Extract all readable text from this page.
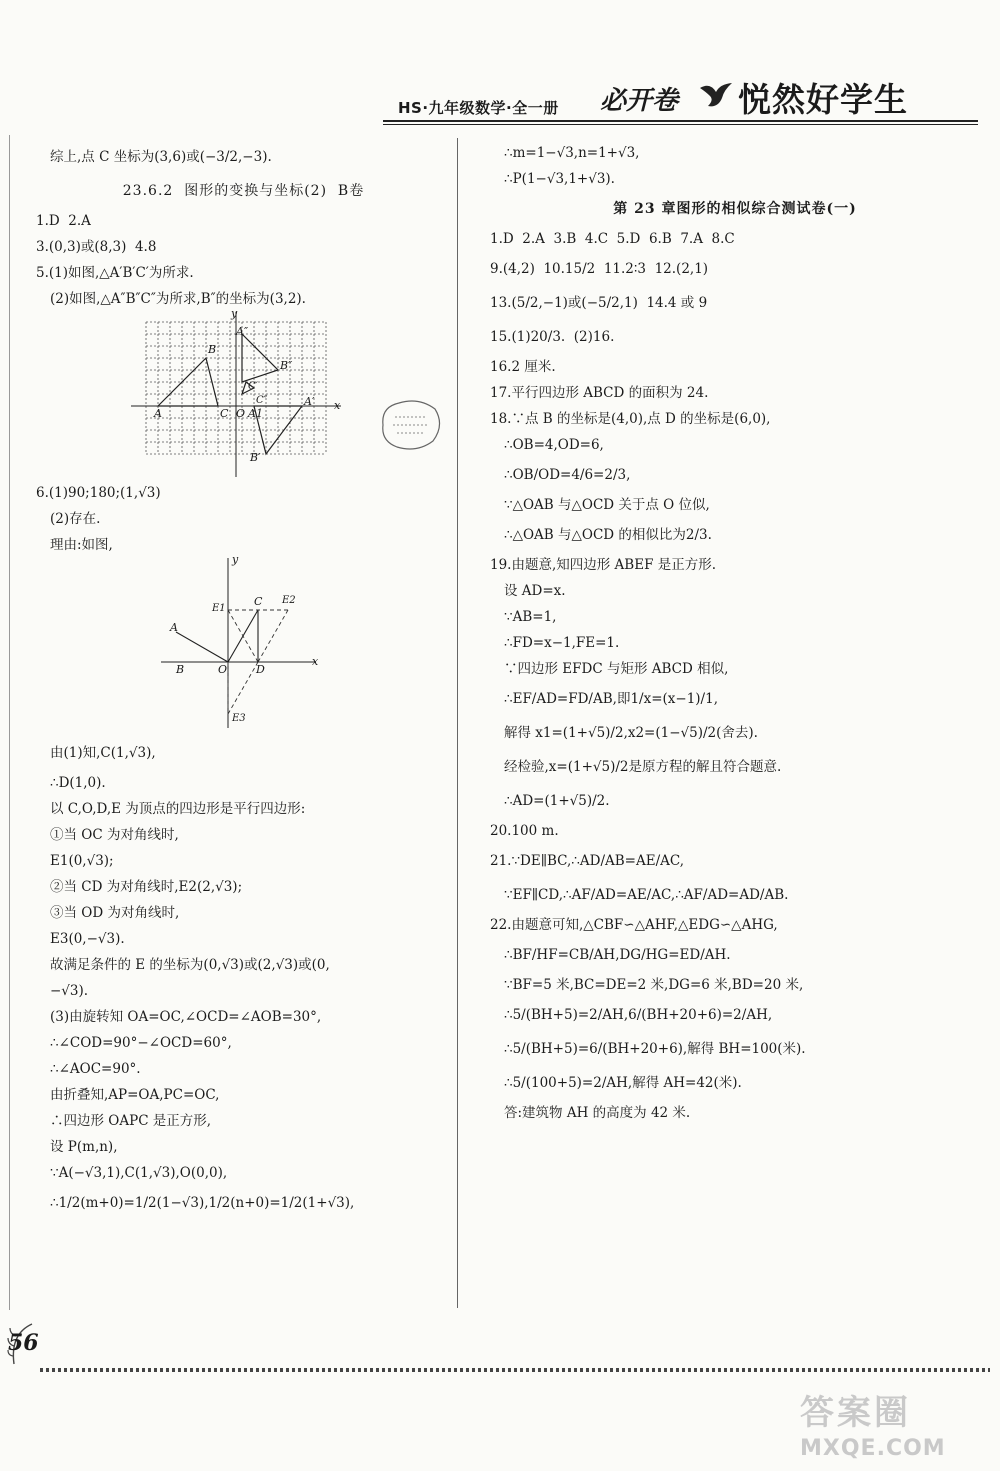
HS·九年级数学·全一册 必开卷 悦然好学生
综上,点 C 坐标为(3,6)或(−3/2,−3).
23.6.2  图形的变换与坐标(2)  B卷
1.D  2.A
3.(0,3)或(8,3)  4.8
5.(1)如图,△A′B′C′为所求.
(2)如图,△A″B″C″为所求,B″的坐标为(3,2).
y
x
A
B
C O A1
A′
B′
C′
B″
C″
A″
6.(1)90;180;(1,√3)
(2)存在.
理由:如图,
y
x
A
B	O	D
C
E1
E2
E3
由(1)知,C(1,√3),
∴D(1,0).
以 C,O,D,E 为顶点的四边形是平行四边形:
①当 OC 为对角线时,
E1(0,√3);
②当 CD 为对角线时,E2(2,√3);
③当 OD 为对角线时,
E3(0,−√3).
故满足条件的 E 的坐标为(0,√3)或(2,√3)或(0,
−√3).
(3)由旋转知 OA=OC,∠OCD=∠AOB=30°,
∴∠COD=90°−∠OCD=60°,
∴∠AOC=90°.
由折叠知,AP=OA,PC=OC,
∴四边形 OAPC 是正方形,
设 P(m,n),
∵A(−√3,1),C(1,√3),O(0,0),
∴1/2(m+0)=1/2(1−√3),1/2(n+0)=1/2(1+√3),
∴m=1−√3,n=1+√3,
∴P(1−√3,1+√3).
第 23 章图形的相似综合测试卷(一)
1.D  2.A  3.B  4.C  5.D  6.B  7.A  8.C
9.(4,2)  10.15/2  11.2∶3  12.(2,1)
13.(5/2,−1)或(−5/2,1)  14.4 或 9
15.(1)20/3.  (2)16.
16.2 厘米.
17.平行四边形 ABCD 的面积为 24.
18.∵点 B 的坐标是(4,0),点 D 的坐标是(6,0),
∴OB=4,OD=6,
∴OB/OD=4/6=2/3,
∵△OAB 与△OCD 关于点 O 位似,
∴△OAB 与△OCD 的相似比为2/3.
19.由题意,知四边形 ABEF 是正方形.
设 AD=x.
∵AB=1,
∴FD=x−1,FE=1.
∵四边形 EFDC 与矩形 ABCD 相似,
∴EF/AD=FD/AB,即1/x=(x−1)/1,
解得 x1=(1+√5)/2,x2=(1−√5)/2(舍去).
经检验,x=(1+√5)/2是原方程的解且符合题意.
∴AD=(1+√5)/2.
20.100 m.
21.∵DE∥BC,∴AD/AB=AE/AC,
∵EF∥CD,∴AF/AD=AE/AC,∴AF/AD=AD/AB.
22.由题意可知,△CBF∽△AHF,△EDG∽△AHG,
∴BF/HF=CB/AH,DG/HG=ED/AH.
∵BF=5 米,BC=DE=2 米,DG=6 米,BD=20 米,
∴5/(BH+5)=2/AH,6/(BH+20+6)=2/AH,
∴5/(BH+5)=6/(BH+20+6),解得 BH=100(米).
∴5/(100+5)=2/AH,解得 AH=42(米).
答:建筑物 AH 的高度为 42 米.
56
答案圈
MXQE.COM
